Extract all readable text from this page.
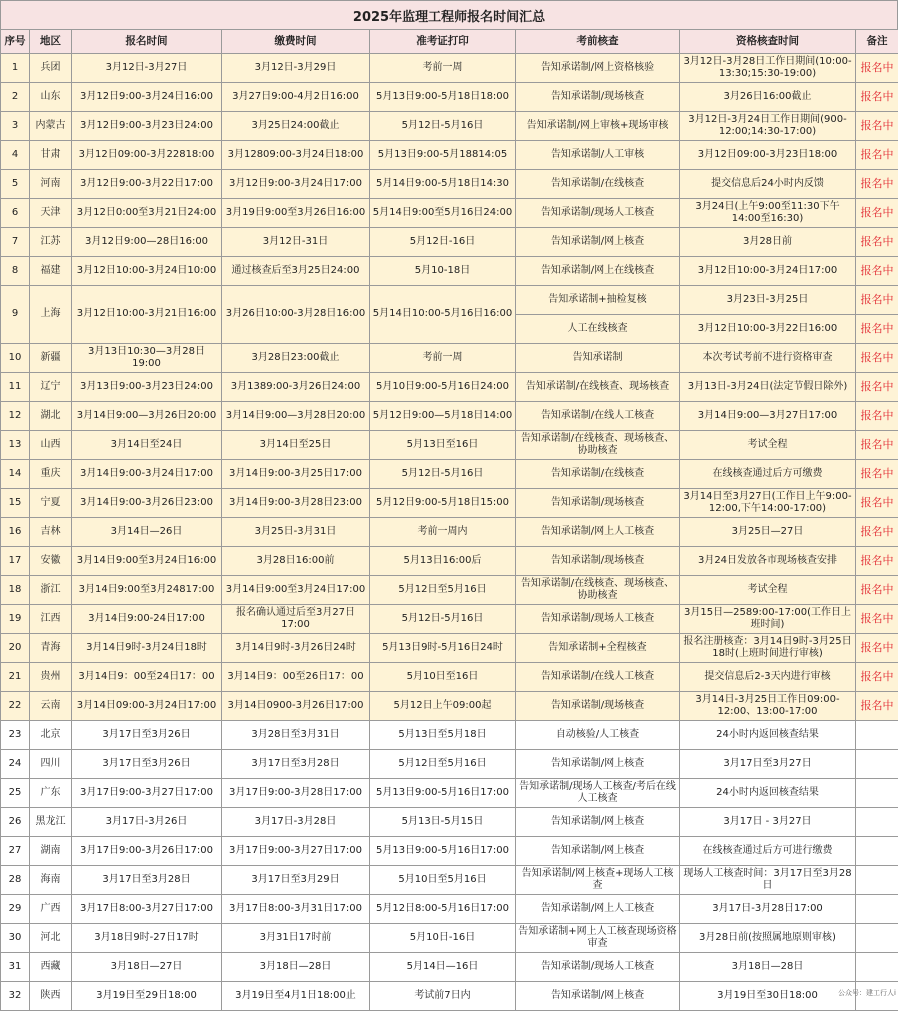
2025年监理工程师报名时间汇总
序号	地区	报名时间	缴费时间	准考证打印	考前核查	资格核查时间	备注
1	兵团	3月12日-3月27日	3月12日-3月29日	考前一周	告知承诺制/网上资格核验	3月12日-3月28日工作日期间(10:00-13:30;15:30-19:00)	报名中
2	山东	3月12日9:00-3月24日16:00	3月27日9:00-4月2日16:00	5月13日9:00-5月18日18:00	告知承诺制/现场核查	3月26日16:00截止	报名中
3	内蒙古	3月12日9:00-3月23日24:00	3月25日24:00截止	5月12日-5月16日	告知承诺制/网上审核+现场审核	3月12日-3月24日工作日期间(900-12:00;14:30-17:00)	报名中
4	甘肃	3月12日09:00-3月22818:00	3月12809:00-3月24日18:00	5月13日9:00-5月18814:05	告知承诺制/人工审核	3月12日09:00-3月23日18:00	报名中
5	河南	3月12日9:00-3月22日17:00	3月12日9:00-3月24日17:00	5月14日9:00-5月18日14:30	告知承诺制/在线核查	提交信息后24小时内反馈	报名中
6	天津	3月12日0:00至3月21日24:00	3月19日9:00至3月26日16:00	5月14日9:00至5月16日24:00	告知承诺制/现场人工核查	3月24日(上午9:00至11:30下午14:00至16:30)	报名中
7	江苏	3月12日9:00—28日16:00	3月12日-31日	5月12日-16日	告知承诺制/网上核查	3月28日前	报名中
8	福建	3月12日10:00-3月24日10:00	通过核查后至3月25日24:00	5月10-18日	告知承诺制/网上在线核查	3月12日10:00-3月24日17:00	报名中
9	上海	3月12日10:00-3月21日16:00	3月26日10:00-3月28日16:00	5月14日10:00-5月16日16:00	告知承诺制+抽检复核	3月23日-3月25日	报名中
					人工在线核查	3月12日10:00-3月22日16:00	报名中
10	新疆	3月13日10:30—3月28日19:00	3月28日23:00截止	考前一周	告知承诺制	本次考试考前不进行资格审查	报名中
11	辽宁	3月13日9:00-3月23日24:00	3月1389:00-3月26日24:00	5月10日9:00-5月16日24:00	告知承诺制/在线核查、现场核查	3月13日-3月24日(法定节假日除外)	报名中
12	湖北	3月14日9:00—3月26日20:00	3月14日9:00—3月28日20:00	5月12日9:00—5月18日14:00	告知承诺制/在线人工核查	3月14日9:00—3月27日17:00	报名中
13	山西	3月14日至24日	3月14日至25日	5月13日至16日	告知承诺制/在线核查、现场核查、协助核查	考试全程	报名中
14	重庆	3月14日9:00-3月24日17:00	3月14日9:00-3月25日17:00	5月12日-5月16日	告知承诺制/在线核查	在线核查通过后方可缴费	报名中
15	宁夏	3月14日9:00-3月26日23:00	3月14日9:00-3月28日23:00	5月12日9:00-5月18日15:00	告知承诺制/现场核查	3月14日至3月27日(工作日上午9:00-12:00,下午14:00-17:00)	报名中
16	吉林	3月14日—26日	3月25日-3月31日	考前一周内	告知承诺制/网上人工核查	3月25日—27日	报名中
17	安徽	3月14日9:00至3月24日16:00	3月28日16:00前	5月13日16:00后	告知承诺制/现场核查	3月24日发放各市现场核查安排	报名中
18	浙江	3月14日9:00至3月24817:00	3月14日9:00至3月24日17:00	5月12日至5月16日	告知承诺制/在线核查、现场核查、协助核查	考试全程	报名中
19	江西	3月14日9:00-24日17:00	报名确认通过后至3月27日17:00	5月12日-5月16日	告知承诺制/现场人工核查	3月15日—2589:00-17:00(工作日上班时间)	报名中
20	青海	3月14日9时-3月24日18时	3月14日9时-3月26日24时	5月13日9时-5月16日24时	告知承诺制+全程核查	报名注册核查：3月14日9时-3月25日18时(上班时间进行审核)	报名中
21	贵州	3月14日9：00至24日17：00	3月14日9：00至26日17：00	5月10日至16日	告知承诺制/在线人工核查	提交信息后2-3天内进行审核	报名中
22	云南	3月14日09:00-3月24日17:00	3月14日0900-3月26日17:00	5月12日上午09:00起	告知承诺制/现场核查	3月14日-3月25日工作日09:00-12:00、13:00-17:00	报名中
23	北京	3月17日至3月26日	3月28日至3月31日	5月13日至5月18日	自动核验/人工核查	24小时内返回核查结果	
24	四川	3月17日至3月26日	3月17日至3月28日	5月12日至5月16日	告知承诺制/网上核查	3月17日至3月27日	
25	广东	3月17日9:00-3月27日17:00	3月17日9:00-3月28日17:00	5月13日9:00-5月16日17:00	告知承诺制/现场人工核查/考后在线人工核查	24小时内返回核查结果	
26	黑龙江	3月17日-3月26日	3月17日-3月28日	5月13日-5月15日	告知承诺制/网上核查	3月17日 - 3月27日	
27	湖南	3月17日9:00-3月26日17:00	3月17日9:00-3月27日17:00	5月13日9:00-5月16日17:00	告知承诺制/网上核查	在线核查通过后方可进行缴费	
28	海南	3月17日至3月28日	3月17日至3月29日	5月10日至5月16日	告知承诺制/网上核查+现场人工核查	现场人工核查时间：3月17日至3月28日	
29	广西	3月17日8:00-3月27日17:00	3月17日8:00-3月31日17:00	5月12日8:00-5月16日17:00	告知承诺制/网上人工核查	3月17日-3月28日17:00	
30	河北	3月18日9时-27日17时	3月31日17时前	5月10日-16日	告知承诺制+网上人工核查现场资格审查	3月28日前(按照属地原则审核)	
31	西藏	3月18日—27日	3月18日—28日	5月14日—16日	告知承诺制/现场人工核查	3月18日—28日	
32	陕西	3月19日至29日18:00	3月19日至4月1日18:00止	考试前7日内	告知承诺制/网上核查	3月19日至30日18:00		公众号：建工行人i
